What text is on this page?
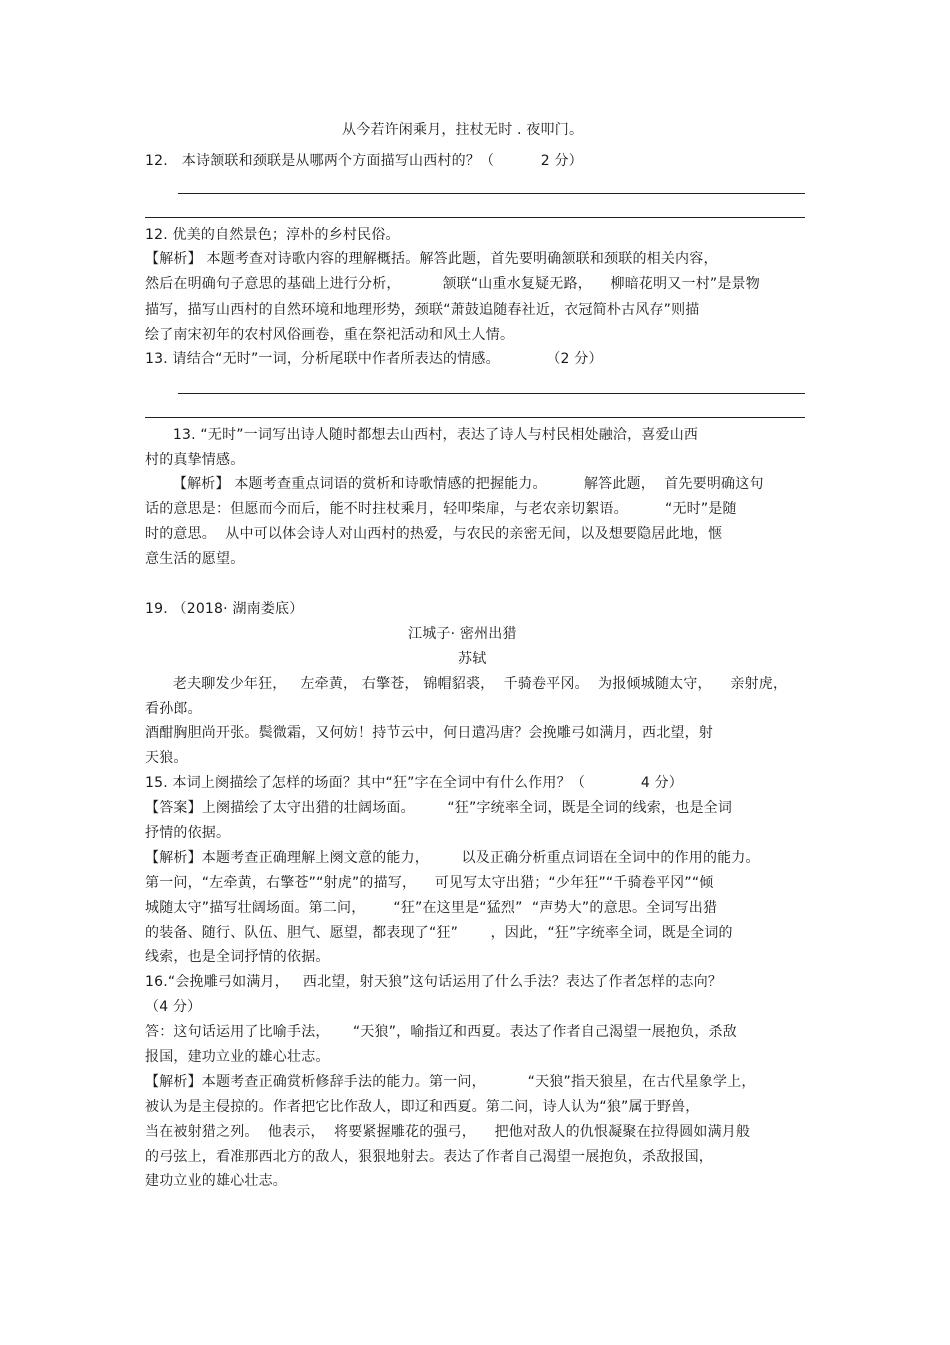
从今若许闲乘月，拄杖无时 . 夜叩门。
12.   本诗颔联和颈联是从哪两个方面描写山西村的？（          2 分）
12. 优美的自然景色；淳朴的乡村民俗。
【解析】 本题考查对诗歌内容的理解概括。解答此题，首先要明确颔联和颈联的相关内容，
然后在明确句子意思的基础上进行分析，         颔联“山重水复疑无路，    柳暗花明又一村”是景物
描写，描写山西村的自然环境和地理形势，颈联“萧鼓追随春社近，衣冠简朴古风存”则描
绘了南宋初年的农村风俗画卷，重在祭祀活动和风土人情。
13. 请结合“无时”一词，分析尾联中作者所表达的情感。          （2 分）
13. “无时”一词写出诗人随时都想去山西村，表达了诗人与村民相处融洽，喜爱山西
村的真挚情感。
【解析】 本题考查重点词语的赏析和诗歌情感的把握能力。        解答此题，  首先要明确这句
话的意思是：但愿而今而后，能不时拄杖乘月，轻叩柴扉，与老农亲切絮语。        “无时”是随
时的意思。  从中可以体会诗人对山西村的热爱，与农民的亲密无间，以及想要隐居此地，惬
意生活的愿望。
19. （2018· 湖南娄底）
江城子· 密州出猎
苏轼
老夫聊发少年狂，   左牵黄， 右擎苍， 锦帽貂裘，  千骑卷平冈。  为报倾城随太守，    亲射虎，
看孙郎。
酒酣胸胆尚开张。鬓微霜，又何妨！持节云中，何日遣冯唐？会挽雕弓如满月，西北望，射
天狼。
15. 本词上阕描绘了怎样的场面？其中“狂”字在全词中有什么作用？（            4 分）
【答案】上阕描绘了太守出猎的壮阔场面。       “狂”字统率全词，既是全词的线索，也是全词
抒情的依据。
【解析】本题考查正确理解上阕文意的能力，       以及正确分析重点词语在全词中的作用的能力。
第一问，“左牵黄，右擎苍”“射虎”的描写，    可见写太守出猎；“少年狂”“千骑卷平冈”“倾
城随太守”描写壮阔场面。第二问，      “狂”在这里是“猛烈”  “声势大”的意思。全词写出猎
的装备、随行、队伍、胆气、愿望，都表现了“狂”       ，因此，“狂”字统率全词，既是全词的
线索，也是全词抒情的依据。
16.“会挽雕弓如满月，   西北望，射天狼”这句话运用了什么手法？表达了作者怎样的志向？
（4 分）
答：这句话运用了比喻手法，     “天狼”，喻指辽和西夏。表达了作者自己渴望一展抱负，杀敌
报国，建功立业的雄心壮志。
【解析】本题考查正确赏析修辞手法的能力。第一问，         “天狼”指天狼星，在古代星象学上，
被认为是主侵掠的。作者把它比作敌人，即辽和西夏。第二问，诗人认为“狼”属于野兽，
当在被射猎之列。  他表示，  将要紧握雕花的强弓，    把他对敌人的仇恨凝聚在拉得圆如满月般
的弓弦上，看准那西北方的敌人，狠狠地射去。表达了作者自己渴望一展抱负，杀敌报国，
建功立业的雄心壮志。
